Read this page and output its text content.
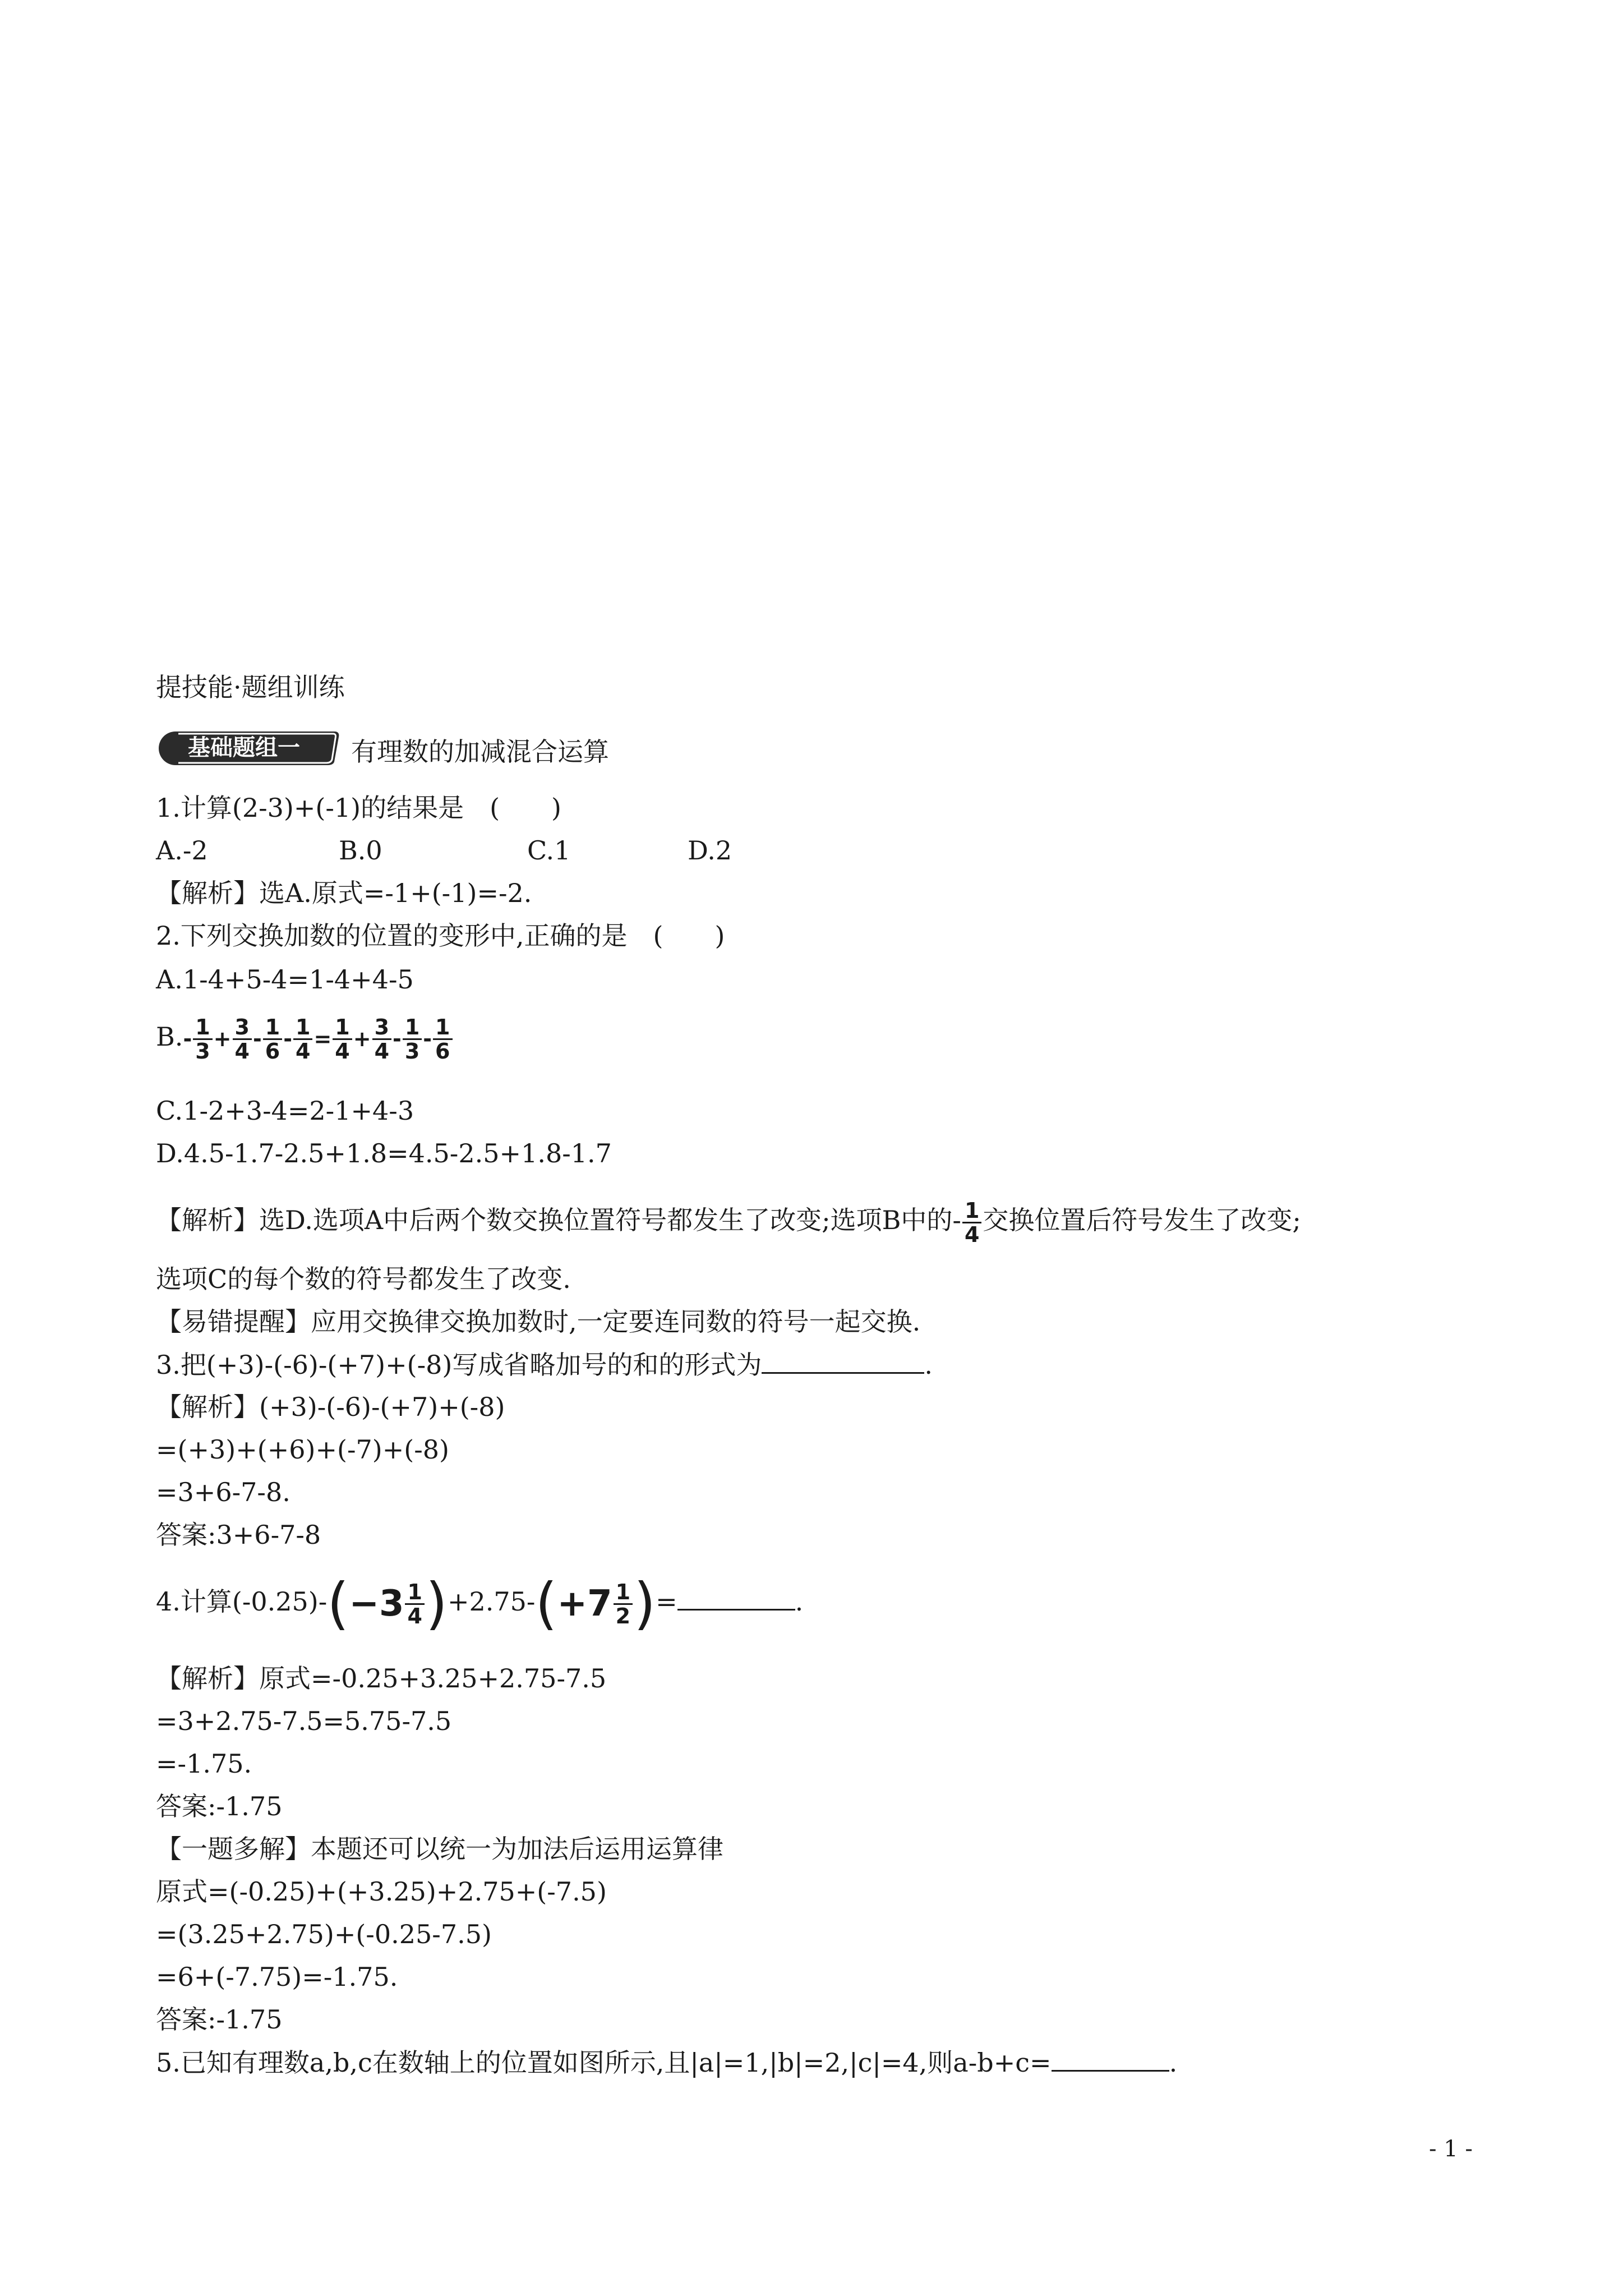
提技能·题组训练
基础题组一 有理数的加减混合运算
1.计算(2-3)+(-1)的结果是　(　　)
A.-2	B.0	C.1	D.2
【解析】选A.原式=-1+(-1)=-2.
2.下列交换加数的位置的变形中,正确的是　(　　)
A.1-4+5-4=1-4+4-5
$B.- \frac{1}{3} + \frac{3}{4} - \frac{1}{6} - \frac{1}{4} = \frac{1}{4} + \frac{3}{4} - \frac{1}{3} - \frac{1}{6}$
C.1-2+3-4=2-1+4-3
D.4.5-1.7-2.5+1.8=4.5-2.5+1.8-1.7
【解析】选D.选项A中后两个数交换位置符号都发生了改变;选项B中的- $\frac{1}{4}$ 交换位置后符号发生了改变;
选项C的每个数的符号都发生了改变.
【易错提醒】应用交换律交换加数时,一定要连同数的符号一起交换.
3.把(+3)-(-6)-(+7)+(-8)写成省略加号的和的形式为	.
【解析】(+3)-(-6)-(+7)+(-8)
=(+3)+(+6)+(-7)+(-8)
=3+6-7-8.
答案:3+6-7-8
4.计算$(-0.25)-(-3 \frac{1}{4} )+2.75-(+7 \frac{1}{2}$ )=	.
【解析】原式=-0.25+3.25+2.75-7.5
=3+2.75-7.5=5.75-7.5
=-1.75.
答案:-1.75
【一题多解】本题还可以统一为加法后运用运算律
原式=(-0.25)+(+3.25)+2.75+(-7.5)
=(3.25+2.75)+(-0.25-7.5)
=6+(-7.75)=-1.75.
答案:-1.75
5.已知有理数a,b,c在数轴上的位置如图所示,且|a|=1,|b|=2,|c|=4,则a-b+c=	.
- 1 -
